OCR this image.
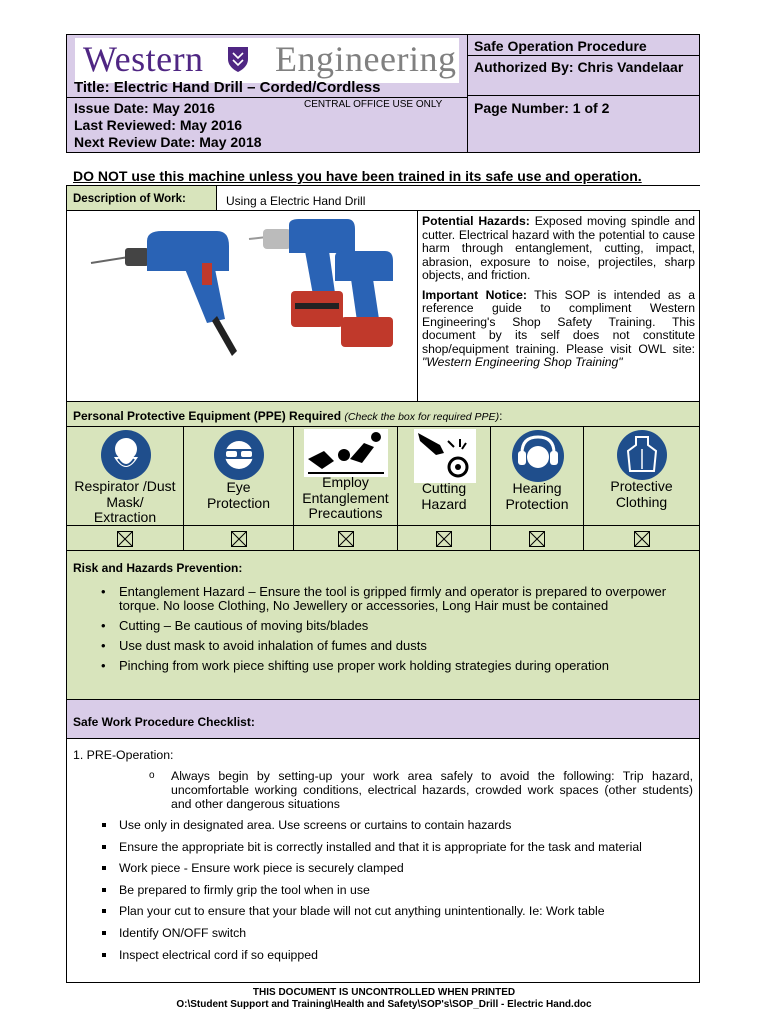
Western Engineering
Title: Electric Hand Drill – Corded/Cordless
Issue Date: May 2016
Last Reviewed: May 2016
Next Review Date: May 2018
CENTRAL OFFICE USE ONLY
Safe Operation Procedure
Authorized By: Chris Vandelaar
Page Number: 1 of 2
DO NOT use this machine unless you have been trained in its safe use and operation.
Description of Work:	Using a Electric Hand Drill

Potential Hazards: Exposed moving spindle and cutter. Electrical hazard with the potential to cause harm through entanglement, cutting, impact, abrasion, exposure to noise, projectiles, sharp objects, and friction.

Important Notice: This SOP is intended as a reference guide to compliment Western Engineering's Shop Safety Training. This document by its self does not constitute shop/equipment training. Please visit OWL site: "Western Engineering Shop Training"

Personal Protective Equipment (PPE) Required (Check the box for required PPE):
Respirator /Dust
Mask/
Extraction
Eye
Protection
Employ
Entanglement
Precautions
Cutting
Hazard
Hearing
Protection
Protective
Clothing
Risk and Hazards Prevention:
• Entanglement Hazard – Ensure the tool is gripped firmly and operator is prepared to overpower torque. No loose Clothing, No Jewellery or accessories, Long Hair must be contained
• Cutting – Be cautious of moving bits/blades
• Use dust mask to avoid inhalation of fumes and dusts
• Pinching from work piece shifting use proper work holding strategies during operation
Safe Work Procedure Checklist:
1. PRE-Operation:
o Always begin by setting-up your work area safely to avoid the following: Trip hazard, uncomfortable working conditions, electrical hazards, crowded work spaces (other students) and other dangerous situations
Use only in designated area. Use screens or curtains to contain hazards
Ensure the appropriate bit is correctly installed and that it is appropriate for the task and material
Work piece - Ensure work piece is securely clamped
Be prepared to firmly grip the tool when in use
Plan your cut to ensure that your blade will not cut anything unintentionally. Ie: Work table
Identify ON/OFF switch
Inspect electrical cord if so equipped
THIS DOCUMENT IS UNCONTROLLED WHEN PRINTED
O:\Student Support and Training\Health and Safety\SOP's\SOP_Drill - Electric Hand.doc
